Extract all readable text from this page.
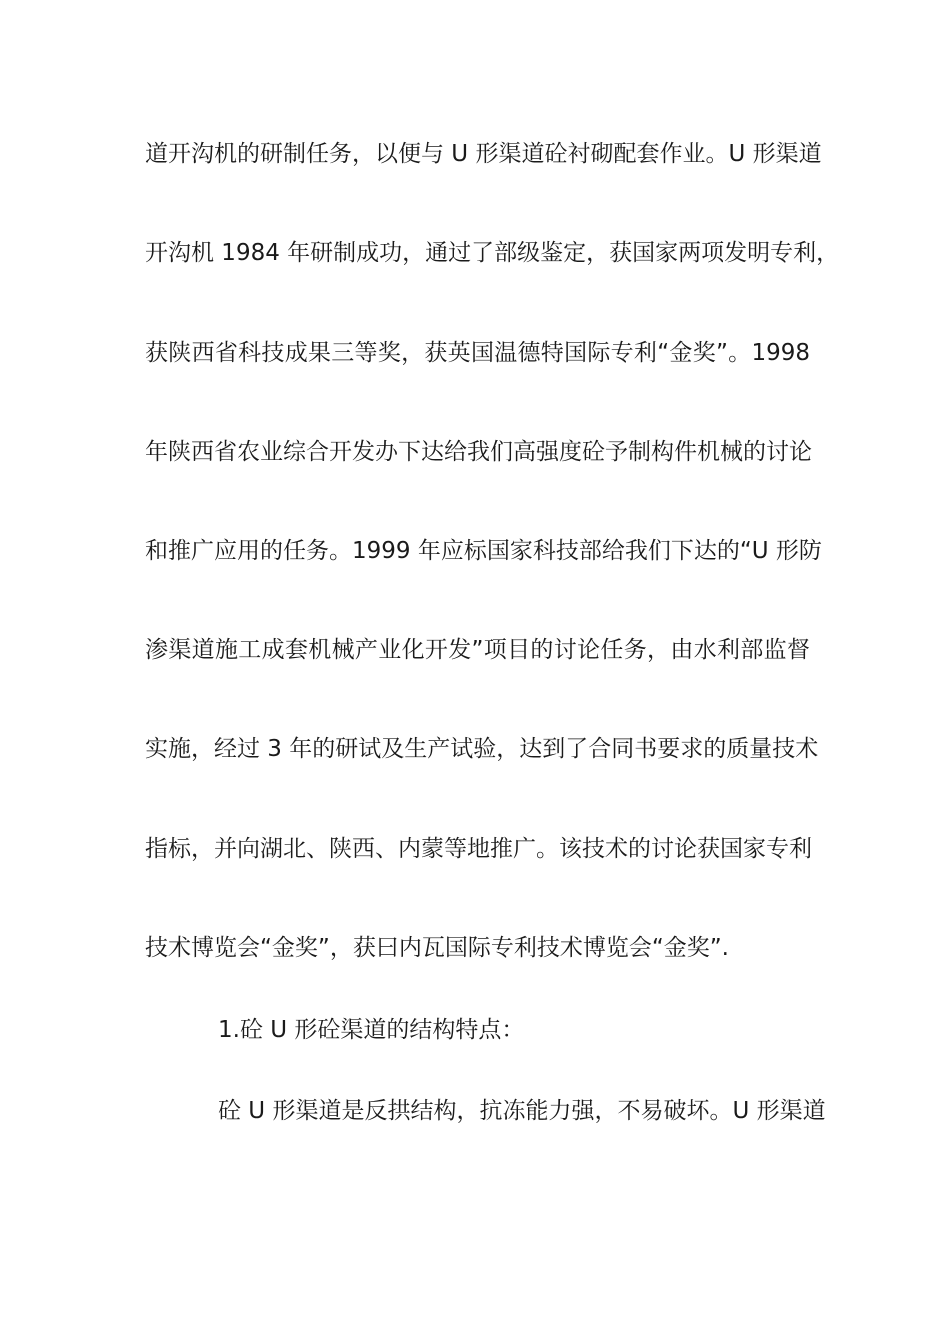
道开沟机的研制任务，以便与 U 形渠道砼衬砌配套作业。U 形渠道
开沟机 1984 年研制成功，通过了部级鉴定，获国家两项发明专利，
获陕西省科技成果三等奖，获英国温德特国际专利“金奖”。1998
年陕西省农业综合开发办下达给我们高强度砼予制构件机械的讨论
和推广应用的任务。1999 年应标国家科技部给我们下达的“U 形防
渗渠道施工成套机械产业化开发”项目的讨论任务，由水利部监督
实施，经过 3 年的研试及生产试验，达到了合同书要求的质量技术
指标，并向湖北、陕西、内蒙等地推广。该技术的讨论获国家专利
技术博览会“金奖”，获曰内瓦国际专利技术博览会“金奖”.
1.砼 U 形砼渠道的结构特点：
砼 U 形渠道是反拱结构，抗冻能力强，不易破坏。U 形渠道
